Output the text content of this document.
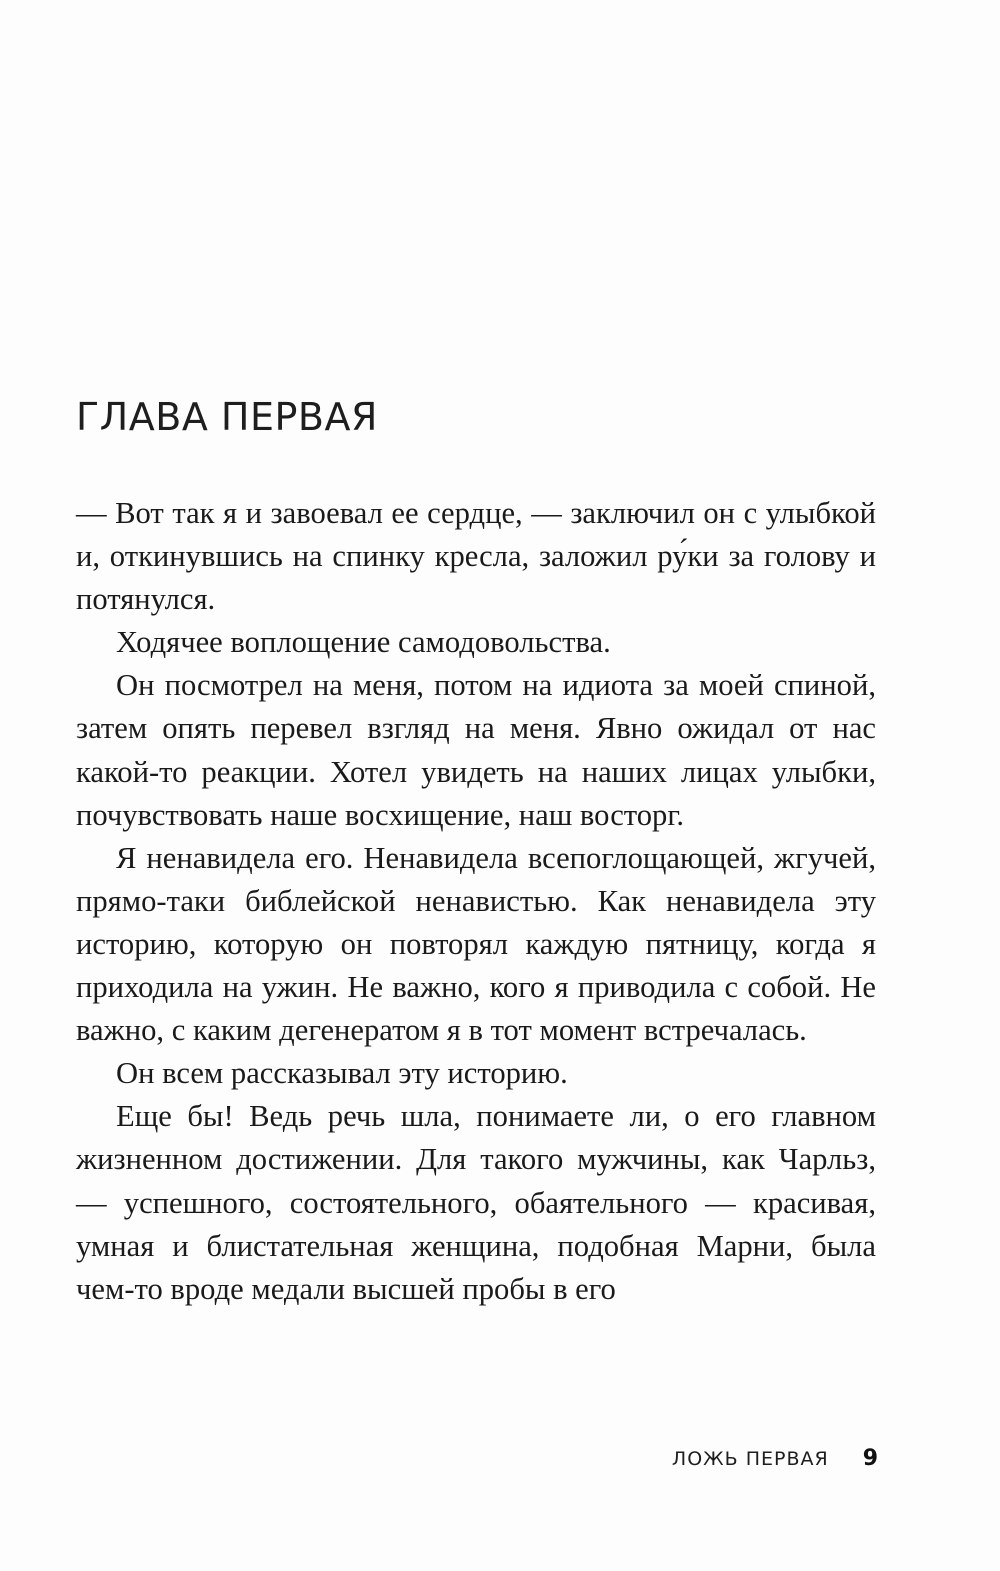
ГЛАВА ПЕРВАЯ

— Вот так я и завоевал ее сердце, — заключил он с улыбкой и, откинувшись на спинку кресла, заложил ру́ки за голову и потянулся.

Ходячее воплощение самодовольства.

Он посмотрел на меня, потом на идиота за моей спиной, затем опять перевел взгляд на меня. Явно ожидал от нас какой-то реакции. Хотел увидеть на наших лицах улыбки, почувствовать наше восхищение, наш восторг.

Я ненавидела его. Ненавидела всепоглощающей, жгучей, прямо-таки библейской ненавистью. Как ненавидела эту историю, которую он повторял каждую пятницу, когда я приходила на ужин. Не важно, кого я приводила с собой. Не важно, с каким дегенератом я в тот момент встречалась.

Он всем рассказывал эту историю.

Еще бы! Ведь речь шла, понимаете ли, о его главном жизненном достижении. Для такого мужчины, как Чарльз, — успешного, состоятельного, обаятельного — красивая, умная и блистательная женщина, подобная Марни, была чем-то вроде медали высшей пробы в его

ЛОЖЬ ПЕРВАЯ 9
